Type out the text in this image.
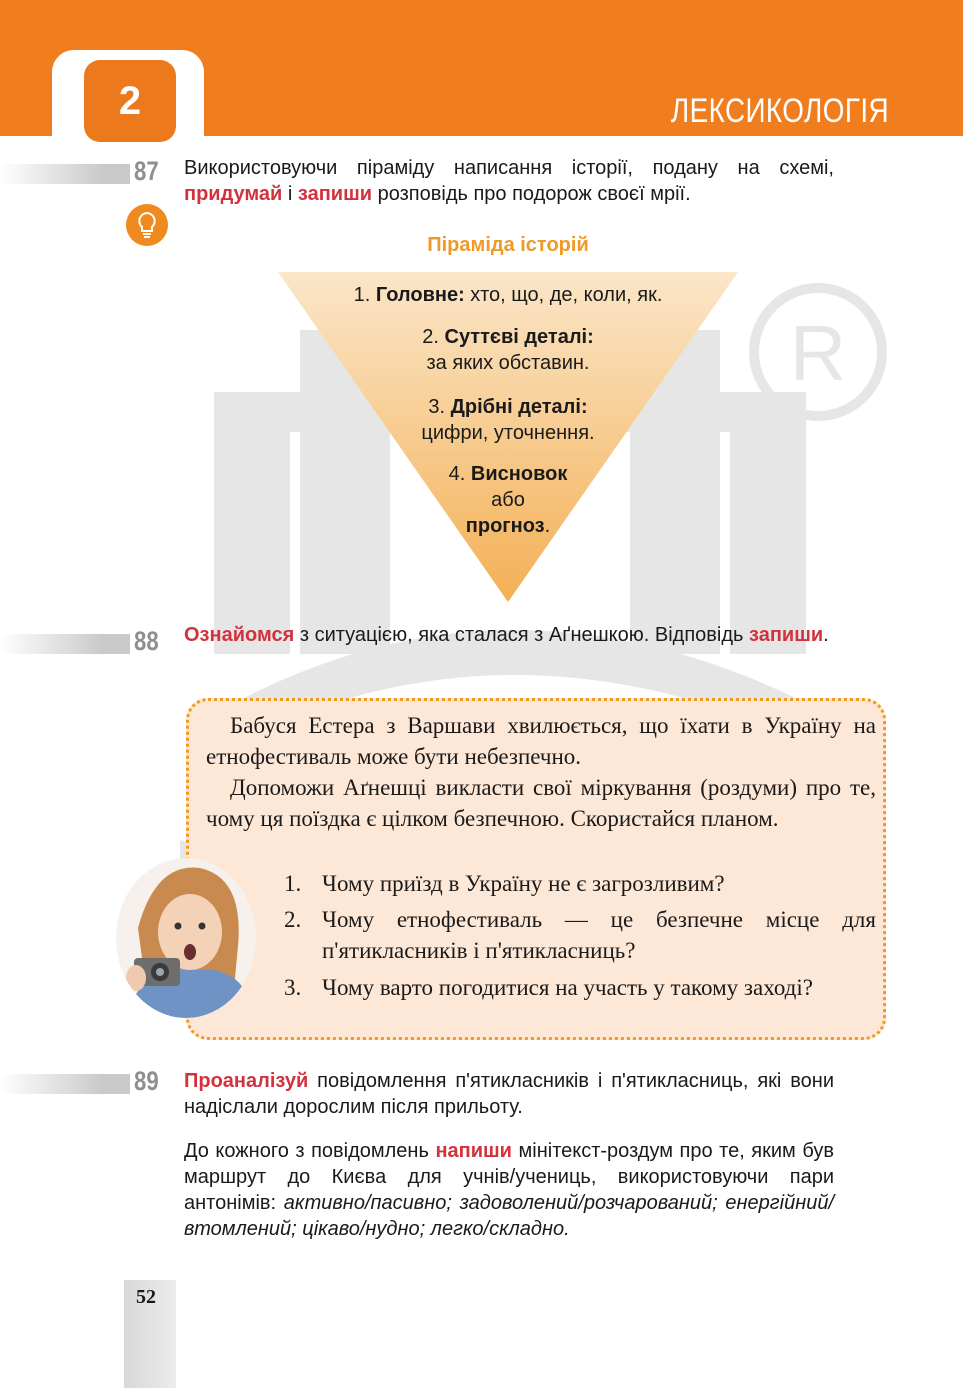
R
2	ЛЕКСИКОЛОГІЯ
87 Використовуючи піраміду написання історії, подану на схемі, придумай і запиши розповідь про подорож своєї мрії.
Піраміда історій
1. Головне: хто, що, де, коли, як.
2. Суттєві деталі:
за яких обставин.
3. Дрібні деталі:
цифри, уточнення.
4. Висновок
або
прогноз.
88 Ознайомся з ситуацією, яка сталася з Аґнешкою. Відповідь запиши.
Бабуся Естера з Варшави хвилюється, що їхати в Україну на етнофестиваль може бути небезпечно.
Допоможи Аґнешці викласти свої міркування (роздуми) про те, чому ця поїздка є цілком безпечною. Скористайся планом.
1. Чому приїзд в Україну не є загрозливим?
2. Чому етнофестиваль — це безпечне місце для п'ятикласників і п'ятикласниць?
3. Чому варто погодитися на участь у такому заході?
89 Проаналізуй повідомлення п'ятикласників і п'ятикласниць, які вони надіслали дорослим після прильоту.
До кожного з повідомлень напиши мінітекст-роздум про те, яким був маршрут до Києва для учнів/учениць, використовуючи пари антонімів: активно/пасивно; задоволений/розчарований; енергійний/втомлений; цікаво/нудно; легко/складно.
52
